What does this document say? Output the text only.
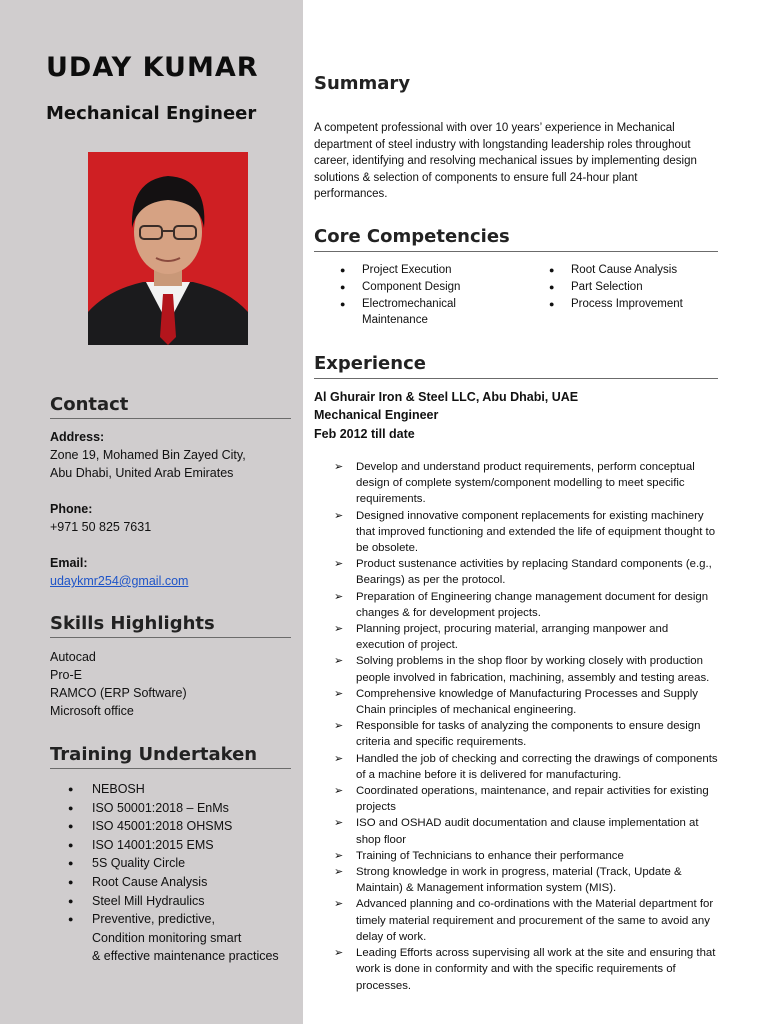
UDAY KUMAR
Mechanical Engineer
Contact
Address:
Zone 19, Mohamed Bin Zayed City,
Abu Dhabi, United Arab Emirates
Phone:
+971 50 825 7631
Email:
udaykmr254@gmail.com
Skills Highlights
Autocad
Pro-E
RAMCO (ERP Software)
Microsoft office
Training Undertaken
● NEBOSH
● ISO 50001:2018 – EnMs
● ISO 45001:2018 OHSMS
● ISO 14001:2015 EMS
● 5S Quality Circle
● Root Cause Analysis
● Steel Mill Hydraulics
● Preventive, predictive,
Condition monitoring smart
& effective maintenance practices
Summary
A competent professional with over 10 years’ experience in Mechanical department of steel industry with longstanding leadership roles throughout career, identifying and resolving mechanical issues by implementing design solutions & selection of components to ensure full 24-hour plant performances.
Core Competencies
● Project Execution
● Component Design
● Electromechanical Maintenance
● Root Cause Analysis
● Part Selection
● Process Improvement
Experience
Al Ghurair Iron & Steel LLC, Abu Dhabi, UAE
Mechanical Engineer
Feb 2012 till date
➢ Develop and understand product requirements, perform conceptual design of complete system/component modelling to meet specific requirements.
➢ Designed innovative component replacements for existing machinery that improved functioning and extended the life of equipment thought to be obsolete.
➢ Product sustenance activities by replacing Standard components (e.g., Bearings) as per the protocol.
➢ Preparation of Engineering change management document for design changes & for development projects.
➢ Planning project, procuring material, arranging manpower and execution of project.
➢ Solving problems in the shop floor by working closely with production people involved in fabrication, machining, assembly and testing areas.
➢ Comprehensive knowledge of Manufacturing Processes and Supply Chain principles of mechanical engineering.
➢ Responsible for tasks of analyzing the components to ensure design criteria and specific requirements.
➢ Handled the job of checking and correcting the drawings of components of a machine before it is delivered for manufacturing.
➢ Coordinated operations, maintenance, and repair activities for existing projects
➢ ISO and OSHAD audit documentation and clause implementation at shop floor
➢ Training of Technicians to enhance their performance
➢ Strong knowledge in work in progress, material (Track, Update & Maintain) & Management information system (MIS).
➢ Advanced planning and co-ordinations with the Material department for timely material requirement and procurement of the same to avoid any delay of work.
➢ Leading Efforts across supervising all work at the site and ensuring that work is done in conformity and with the specific requirements of processes.
